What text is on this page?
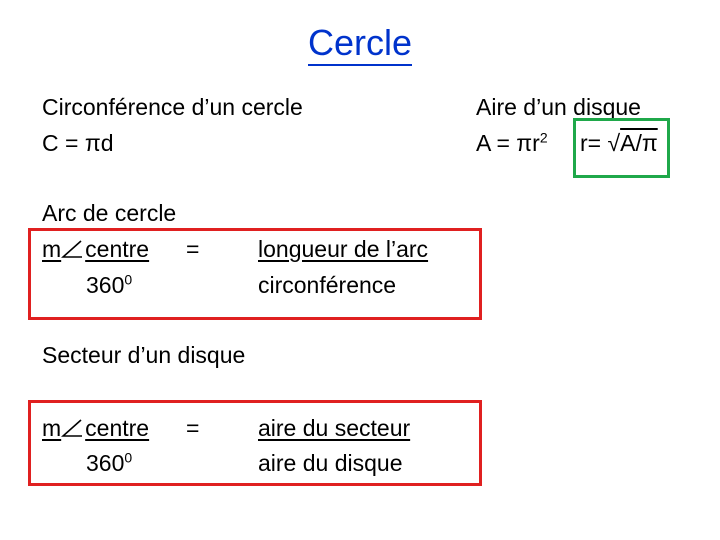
Cercle
Circonférence d’un cercle
C = πd
Aire d’un disque
$A = \pi r^2$ r= √A/π
Arc de cercle
m centre =
$360^0$
longueur de l’arc
circonférence
Secteur d’un disque
m centre =
$360^0$
aire du secteur
aire du disque
